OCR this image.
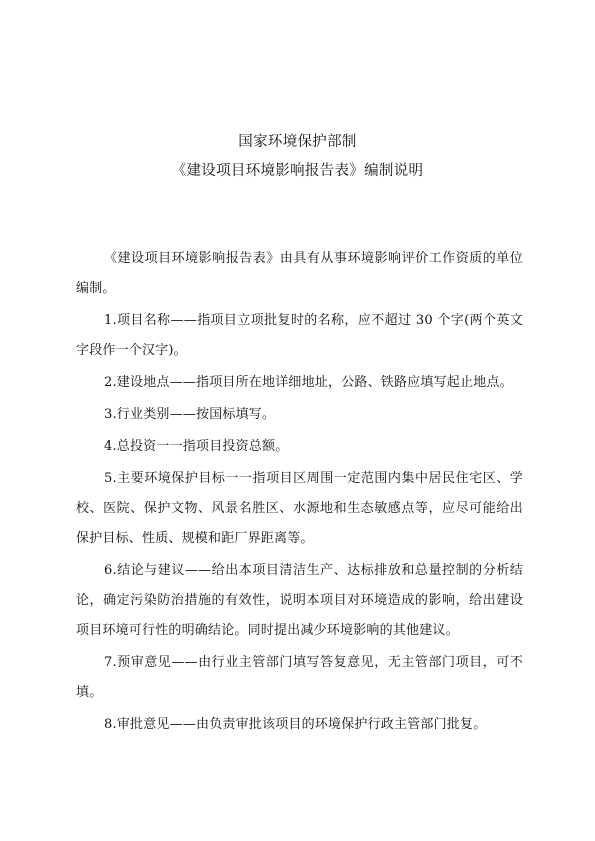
国家环境保护部制
《建设项目环境影响报告表》编制说明

《建设项目环境影响报告表》由具有从事环境影响评价工作资质的单位编制。

1.项目名称——指项目立项批复时的名称，应不超过 30 个字(两个英文字段作一个汉字)。

2.建设地点——指项目所在地详细地址，公路、铁路应填写起止地点。

3.行业类别——按国标填写。

4.总投资一一指项目投资总额。

5.主要环境保护目标一一指项目区周围一定范围内集中居民住宅区、学校、医院、保护文物、风景名胜区、水源地和生态敏感点等，应尽可能给出保护目标、性质、规模和距厂界距离等。

6.结论与建议——给出本项目清洁生产、达标排放和总量控制的分析结论，确定污染防治措施的有效性，说明本项目对环境造成的影响，给出建设项目环境可行性的明确结论。同时提出减少环境影响的其他建议。

7.预审意见——由行业主管部门填写答复意见，无主管部门项目，可不填。

8.审批意见——由负责审批该项目的环境保护行政主管部门批复。
